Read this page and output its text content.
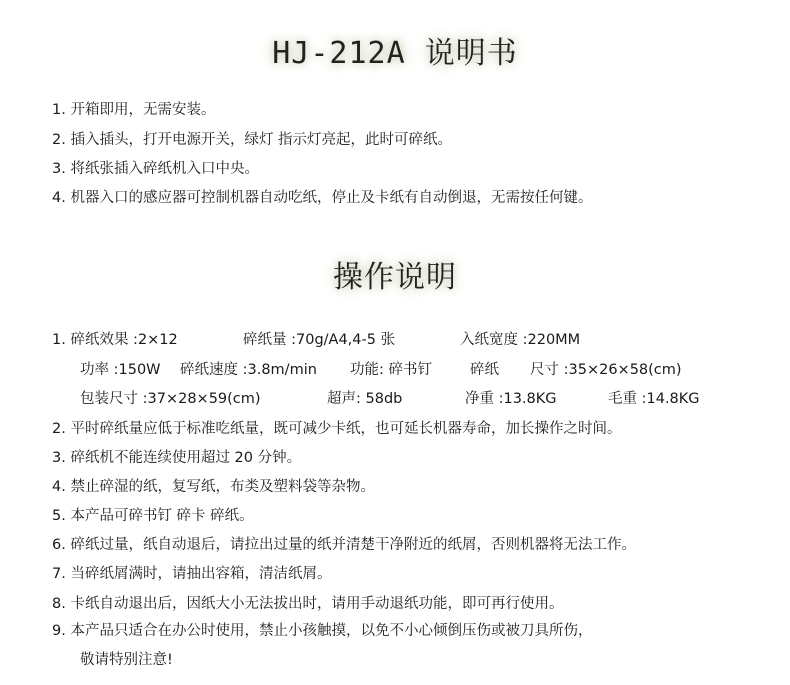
HJ-212A 说明书
1. 开箱即用，无需安装。
2. 插入插头，打开电源开关，绿灯 指示灯亮起，此时可碎纸。
3. 将纸张插入碎纸机入口中央。
4. 机器入口的感应器可控制机器自动吃纸，停止及卡纸有自动倒退，无需按任何键。
操作说明
1. 碎纸效果 :2×12	碎纸量 :70g/A4,4-5 张	入纸宽度 :220MM
功率 :150W 碎纸速度 :3.8m/min 功能: 碎书钉	碎纸 尺寸 :35×26×58(cm)
包装尺寸 :37×28×59(cm)	超声: 58db	净重 :13.8KG	毛重 :14.8KG
2. 平时碎纸量应低于标准吃纸量，既可减少卡纸，也可延长机器寿命，加长操作之时间。
3. 碎纸机不能连续使用超过 20 分钟。
4. 禁止碎湿的纸，复写纸，布类及塑料袋等杂物。
5. 本产品可碎书钉 碎卡 碎纸。
6. 碎纸过量，纸自动退后，请拉出过量的纸并清楚干净附近的纸屑，否则机器将无法工作。
7. 当碎纸屑满时，请抽出容箱，清洁纸屑。
8. 卡纸自动退出后，因纸大小无法拔出时，请用手动退纸功能，即可再行使用。
9. 本产品只适合在办公时使用，禁止小孩触摸，以免不小心倾倒压伤或被刀具所伤，
敬请特别注意!
